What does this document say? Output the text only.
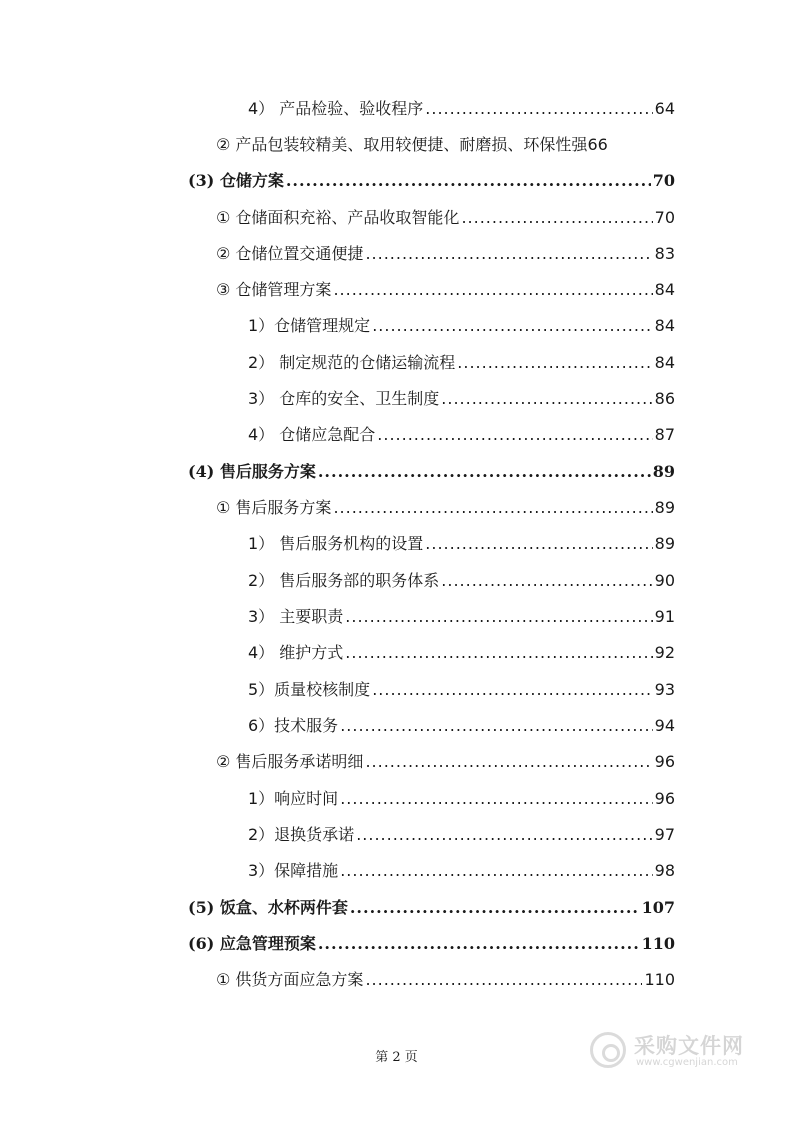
4） 产品检验、验收程序 .....	64
② 产品包装较精美、取用较便捷、耐磨损、环保性强 66
(3) 仓储方案 .....	70
① 仓储面积充裕、产品收取智能化 .....	70
② 仓储位置交通便捷 .....	83
③ 仓储管理方案 .....	84
1）仓储管理规定 .....	84
2） 制定规范的仓储运输流程 .....	84
3） 仓库的安全、卫生制度 .....	86
4） 仓储应急配合 .....	87
(4) 售后服务方案 .....	89
① 售后服务方案 .....	89
1） 售后服务机构的设置 .....	89
2） 售后服务部的职务体系 .....	90
3） 主要职责 .....	91
4） 维护方式 .....	92
5）质量校核制度 .....	93
6）技术服务 .....	94
② 售后服务承诺明细 .....	96
1）响应时间 .....	96
2）退换货承诺 .....	97
3）保障措施 .....	98
(5) 饭盒、水杯两件套 .....	107
(6) 应急管理预案 .....	110
① 供货方面应急方案 .....	110
第 2 页	采购文件网
www.cgwenjian.com
